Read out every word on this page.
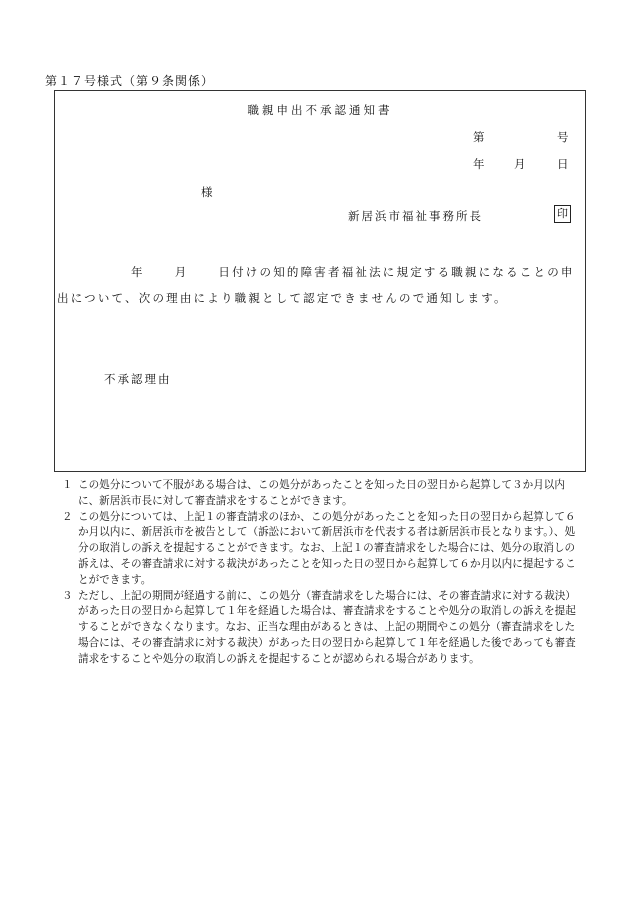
第１７号様式（第９条関係）
職親申出不承認通知書
第	号
年	月	日
様
新居浜市福祉事務所長	印
年	月	日付けの知的障害者福祉法に規定する職親になることの申
出について、次の理由により職親として認定できませんので通知します。
不承認理由

１ この処分について不服がある場合は、この処分があったことを知った日の翌日から起算して３か月以内に、新居浜市長に対して審査請求をすることができます。

２ この処分については、上記１の審査請求のほか、この処分があったことを知った日の翌日から起算して６か月以内に、新居浜市を被告として（訴訟において新居浜市を代表する者は新居浜市長となります。）、処分の取消しの訴えを提起することができます。なお、上記１の審査請求をした場合には、処分の取消しの訴えは、その審査請求に対する裁決があったことを知った日の翌日から起算して６か月以内に提起することができます。

３ ただし、上記の期間が経過する前に、この処分（審査請求をした場合には、その審査請求に対する裁決）があった日の翌日から起算して１年を経過した場合は、審査請求をすることや処分の取消しの訴えを提起することができなくなります。なお、正当な理由があるときは、上記の期間やこの処分（審査請求をした場合には、その審査請求に対する裁決）があった日の翌日から起算して１年を経過した後であっても審査請求をすることや処分の取消しの訴えを提起することが認められる場合があります。
